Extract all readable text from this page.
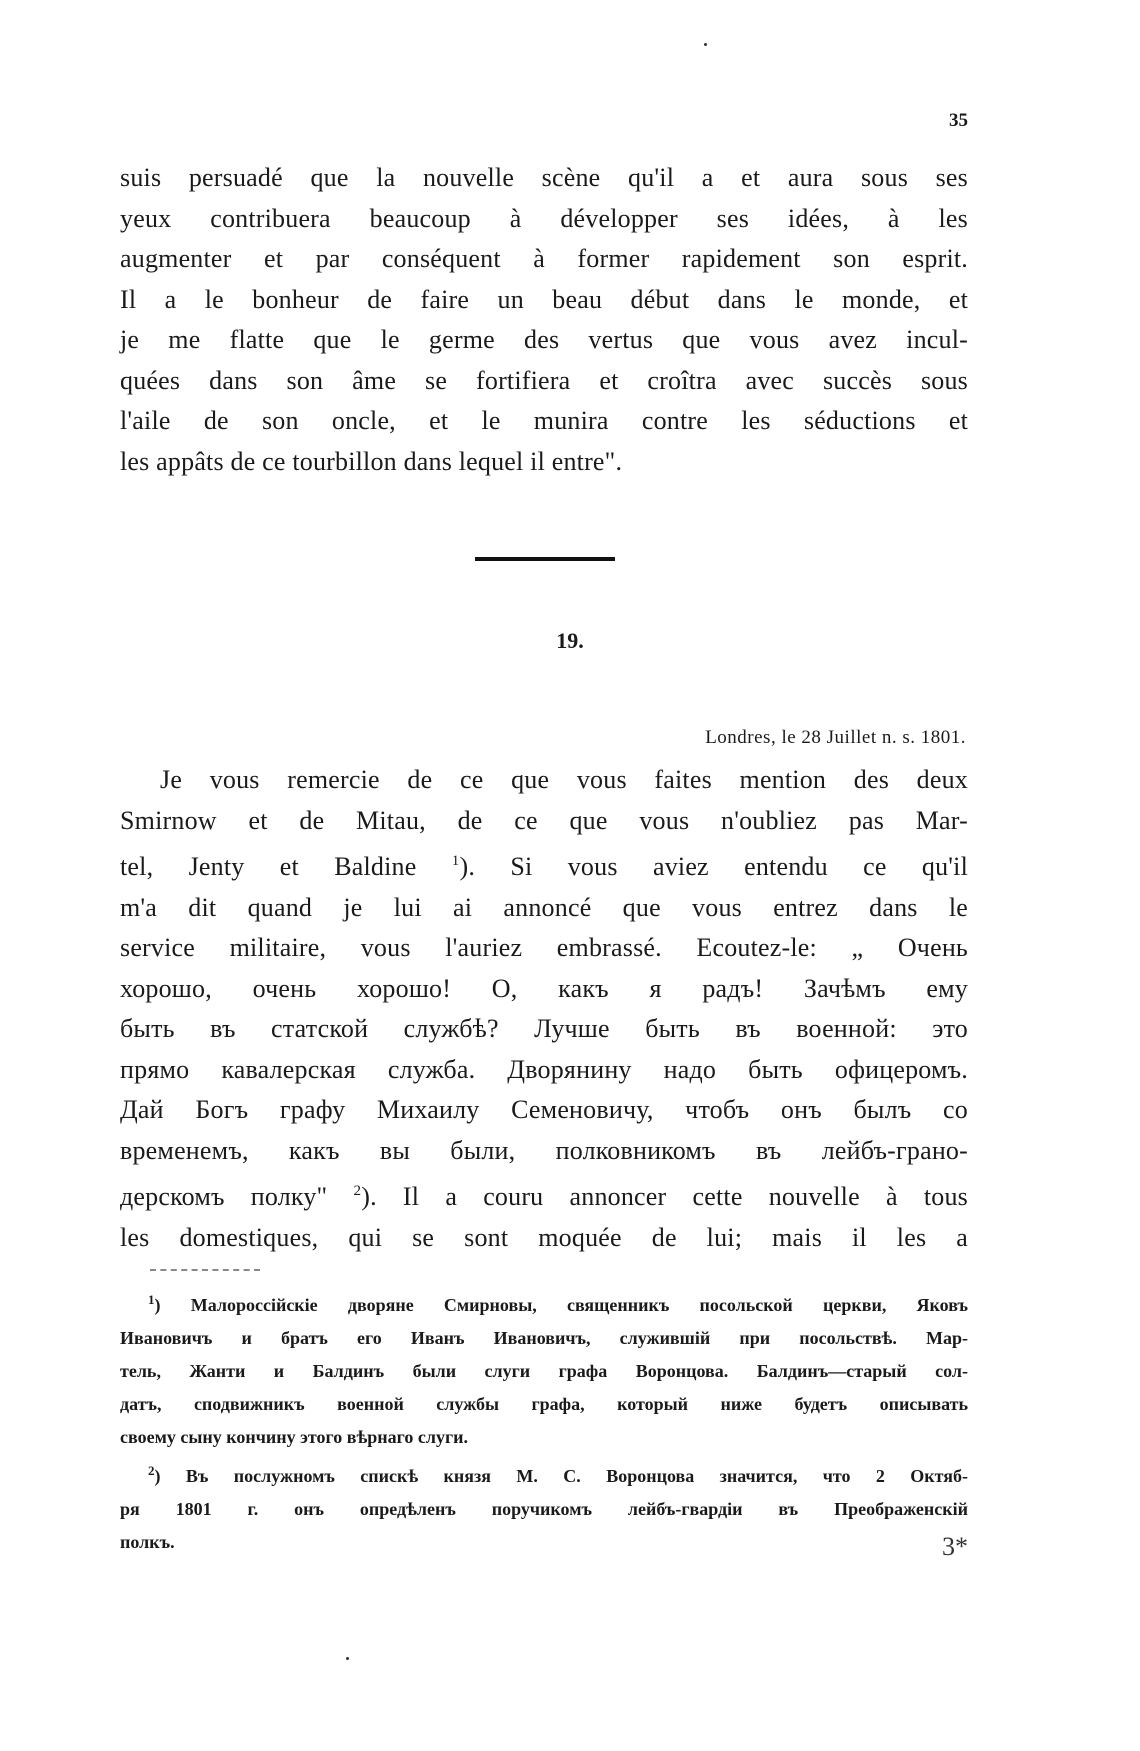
35
suis persuadé que la nouvelle scène qu'il a et aura sous ses
yeux contribuera beaucoup à développer ses idées, à les
augmenter et par conséquent à former rapidement son esprit.
Il a le bonheur de faire un beau début dans le monde, et
je me flatte que le germe des vertus que vous avez incul-
quées dans son âme se fortifiera et croîtra avec succès sous
l'aile de son oncle, et le munira contre les séductions et
les appâts de ce tourbillon dans lequel il entre".
19.
Londres, le 28 Juillet n. s. 1801.
Je vous remercie de ce que vous faites mention des deux
Smirnow et de Mitau, de ce que vous n'oubliez pas Mar-
tel, Jenty et Baldine $^1$). Si vous aviez entendu ce qu'il
m'a dit quand je lui ai annoncé que vous entrez dans le
service militaire, vous l'auriez embrassé. Ecoutez-le: „ Очень
хорошо, очень хорошо! О, какъ я радъ! Зачѣмъ ему
быть въ статской службѣ? Лучше быть въ военной: это
прямо кавалерская служба. Дворянину надо быть офицеромъ.
Дай Богъ графу Михаилу Семеновичу, чтобъ онъ былъ со
временемъ, какъ вы были, полковникомъ въ лейбъ-грано-
дерскомъ полку" $^2$). Il a couru annoncer cette nouvelle à tous
les domestiques, qui se sont moquée de lui; mais il les a
$^1$) Малороссійскіе дворяне Смирновы, священникъ посольской церкви, Яковъ
Ивановичъ и братъ его Иванъ Ивановичъ, служившій при посольствѣ. Мар-
тель, Жанти и Балдинъ были слуги графа Воронцова. Балдинъ—старый сол-
датъ, сподвижникъ военной службы графа, который ниже будетъ описывать
своему сыну кончину этого вѣрнаго слуги.
$^2$) Въ послужномъ спискѣ князя М. С. Воронцова значится, что 2 Октяб-
ря 1801 г. онъ опредѣленъ поручикомъ лейбъ-гвардіи въ Преображенскій
полкъ.	3*
